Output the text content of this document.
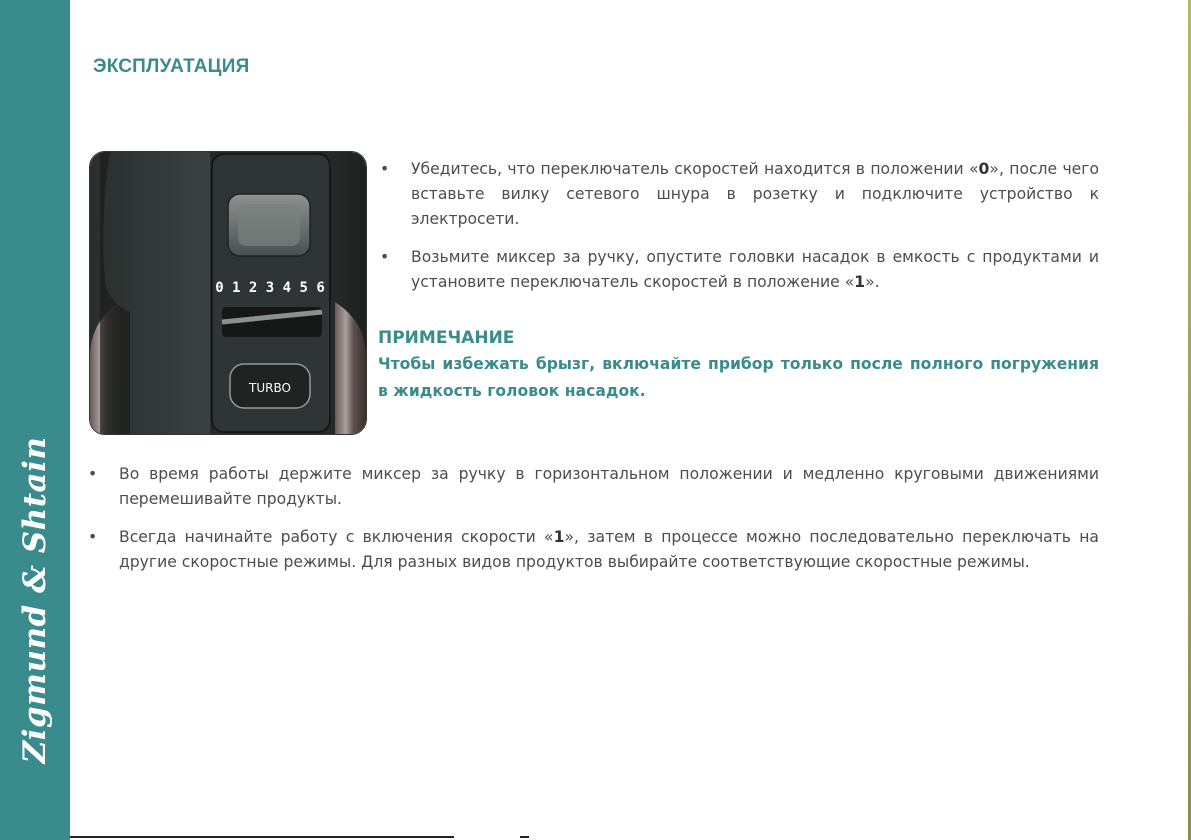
Zigmund & Shtain
ЭКСПЛУАТАЦИЯ
0 1 2 3 4 5 6
TURBO
• Убедитесь, что переключатель скоростей находится в положении «0», после чего вставьте вилку сетевого шнура в розетку и подключите устройство к электросети.
• Возьмите миксер за ручку, опустите головки насадок в емкость с продуктами и установите переключатель скоростей в положение «1».

ПРИМЕЧАНИЕ

Чтобы избежать брызг, включайте прибор только после полного погружения в жидкость головок насадок.

• Во время работы держите миксер за ручку в горизонтальном положении и медленно круговыми движениями перемешивайте продукты.
• Всегда начинайте работу с включения скорости «1», затем в процессе можно последовательно переключать на другие скоростные режимы. Для разных видов продуктов выбирайте соответствующие скоростные режимы.
